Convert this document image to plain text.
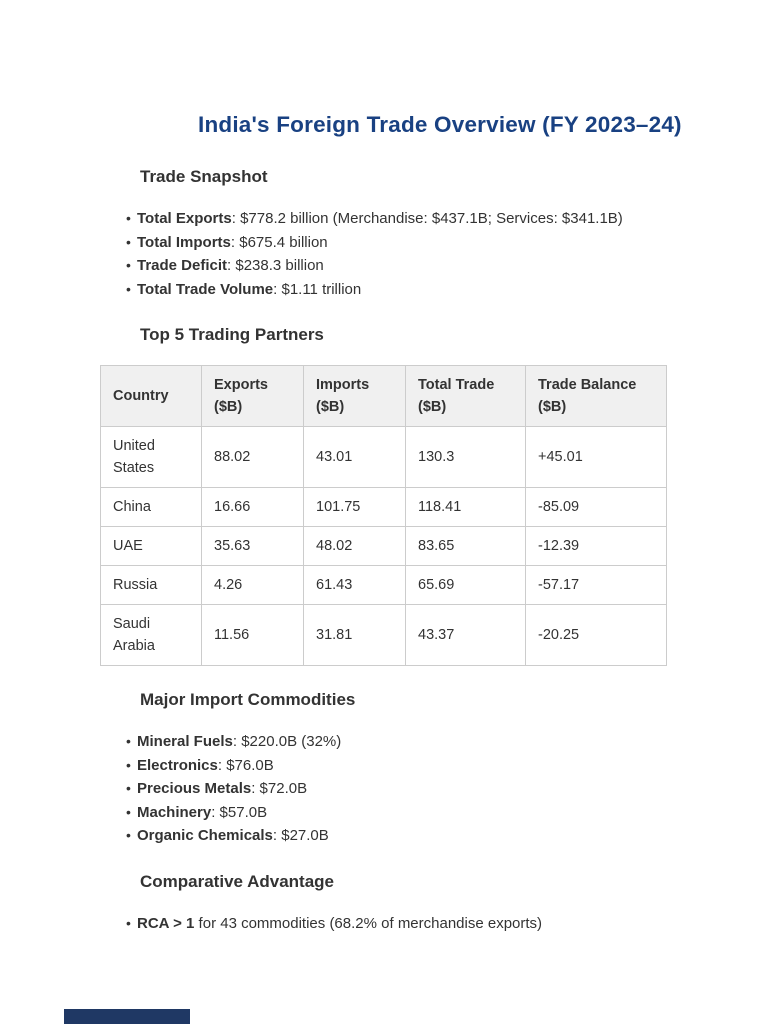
India's Foreign Trade Overview (FY 2023–24)
Trade Snapshot
• Total Exports: $778.2 billion (Merchandise: $437.1B; Services: $341.1B)
• Total Imports: $675.4 billion
• Trade Deficit: $238.3 billion
• Total Trade Volume: $1.11 trillion
Top 5 Trading Partners
Country	Exports ($B)	Imports ($B)	Total Trade ($B)	Trade Balance ($B)
United States	88.02	43.01	130.3	+45.01
China	16.66	101.75	118.41	-85.09
UAE	35.63	48.02	83.65	-12.39
Russia	4.26	61.43	65.69	-57.17
Saudi Arabia	11.56	31.81	43.37	-20.25
Major Import Commodities
• Mineral Fuels: $220.0B (32%)
• Electronics: $76.0B
• Precious Metals: $72.0B
• Machinery: $57.0B
• Organic Chemicals: $27.0B
Comparative Advantage
• RCA > 1 for 43 commodities (68.2% of merchandise exports)
